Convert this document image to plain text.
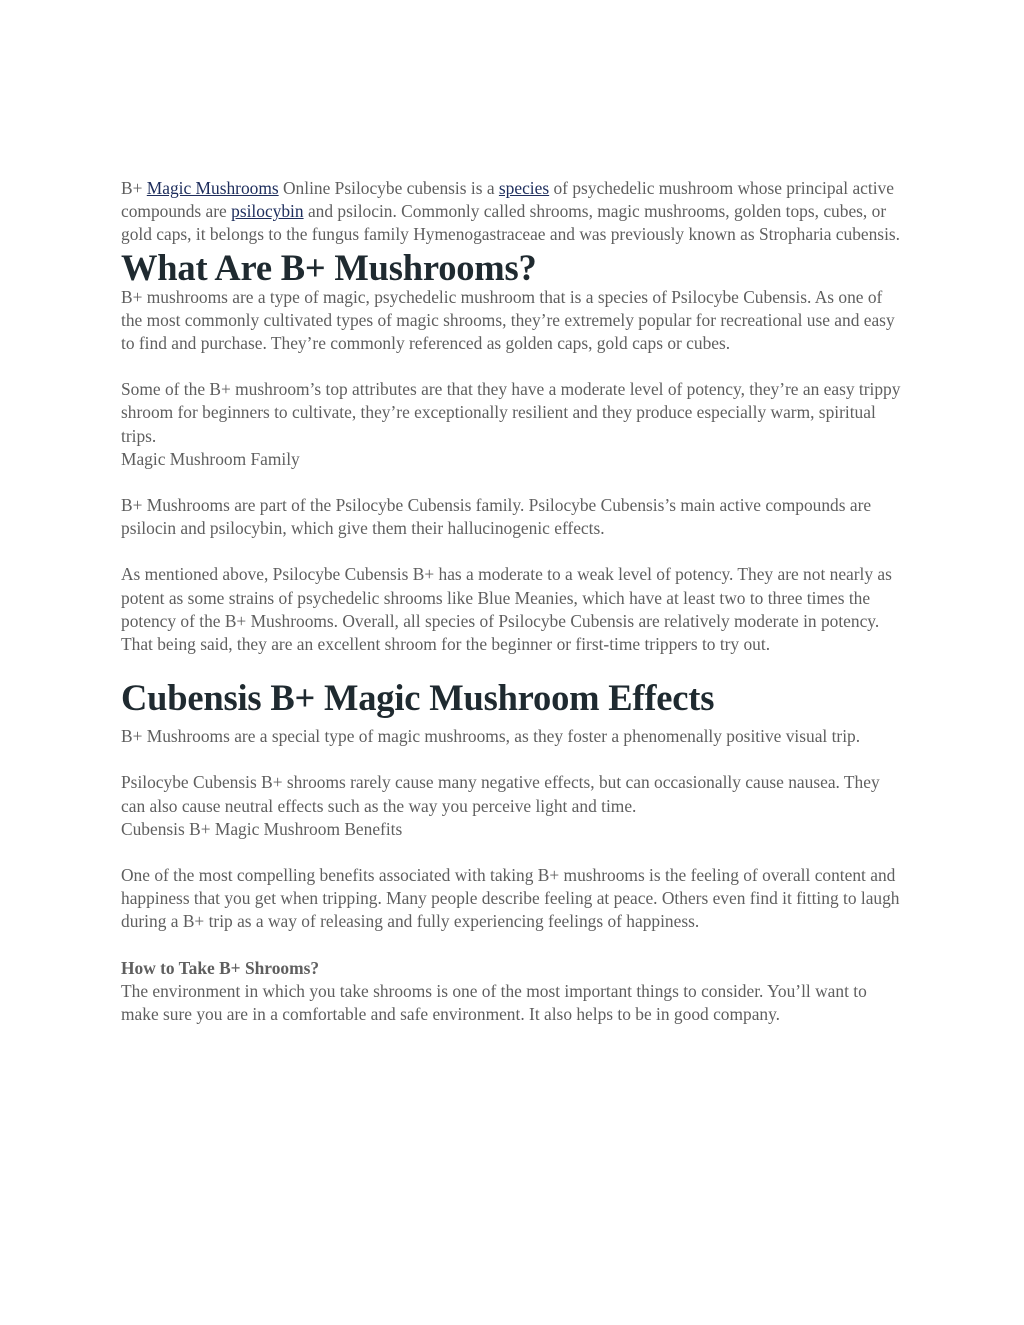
B+ Magic Mushrooms Online Psilocybe cubensis is a species of psychedelic mushroom whose principal active compounds are psilocybin and psilocin. Commonly called shrooms, magic mushrooms, golden tops, cubes, or gold caps, it belongs to the fungus family Hymenogastraceae and was previously known as Stropharia cubensis.

What Are B+ Mushrooms?

B+ mushrooms are a type of magic, psychedelic mushroom that is a species of Psilocybe Cubensis. As one of the most commonly cultivated types of magic shrooms, they’re extremely popular for recreational use and easy to find and purchase. They’re commonly referenced as golden caps, gold caps or cubes.

Some of the B+ mushroom’s top attributes are that they have a moderate level of potency, they’re an easy trippy shroom for beginners to cultivate, they’re exceptionally resilient and they produce especially warm, spiritual trips.

Magic Mushroom Family

B+ Mushrooms are part of the Psilocybe Cubensis family. Psilocybe Cubensis’s main active compounds are psilocin and psilocybin, which give them their hallucinogenic effects.

As mentioned above, Psilocybe Cubensis B+ has a moderate to a weak level of potency. They are not nearly as potent as some strains of psychedelic shrooms like Blue Meanies, which have at least two to three times the potency of the B+ Mushrooms. Overall, all species of Psilocybe Cubensis are relatively moderate in potency. That being said, they are an excellent shroom for the beginner or first-time trippers to try out.

Cubensis B+ Magic Mushroom Effects

B+ Mushrooms are a special type of magic mushrooms, as they foster a phenomenally positive visual trip.

Psilocybe Cubensis B+ shrooms rarely cause many negative effects, but can occasionally cause nausea. They can also cause neutral effects such as the way you perceive light and time.

Cubensis B+ Magic Mushroom Benefits

One of the most compelling benefits associated with taking B+ mushrooms is the feeling of overall content and happiness that you get when tripping. Many people describe feeling at peace. Others even find it fitting to laugh during a B+ trip as a way of releasing and fully experiencing feelings of happiness.

How to Take B+ Shrooms?

The environment in which you take shrooms is one of the most important things to consider. You’ll want to make sure you are in a comfortable and safe environment. It also helps to be in good company.
